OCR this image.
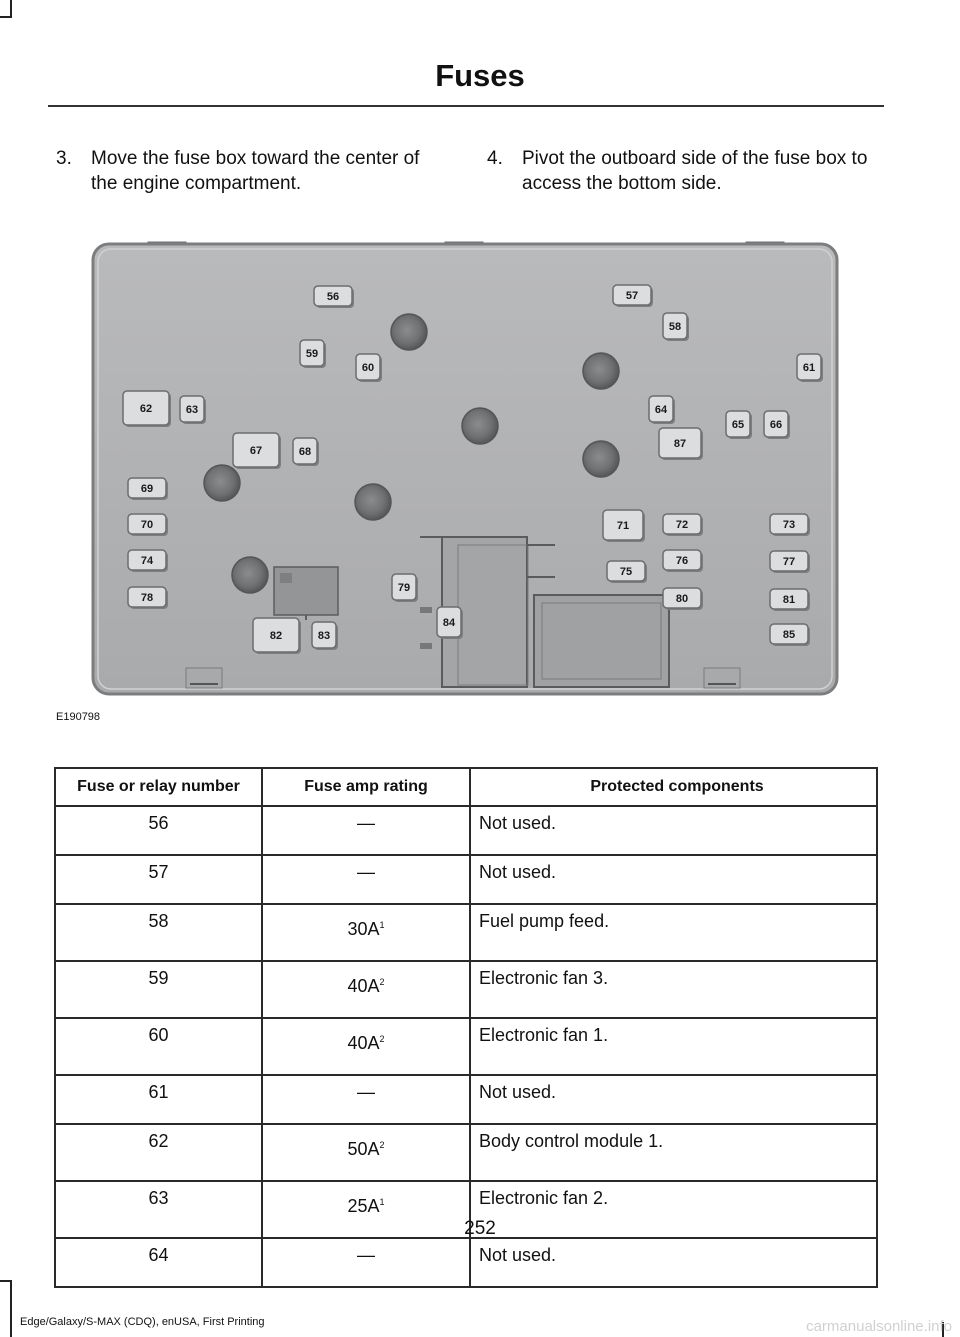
Fuses
3. Move the fuse box toward the center of the engine compartment.
4. Pivot the outboard side of the fuse box to access the bottom side.
56	57
58
59
60	61
62	63	64
65 66
67	68
69
70	71	72	73
74
75
76	77
78
79
80	81
82	83
84
85
87
E190798
Fuse or relay number	Fuse amp rating	Protected components
56	—	Not used.
57	—	Not used.
58	30A$^1$	Fuel pump feed.
59	40A$^2$	Electronic fan 3.
60	40A$^2$	Electronic fan 1.
61	—	Not used.
62	50A$^2$	Body control module 1.
63	25A$^1$	Electronic fan 2.
64	—	Not used.
252
Edge/Galaxy/S-MAX (CDQ), enUSA, First Printing	carmanualsonline.info
